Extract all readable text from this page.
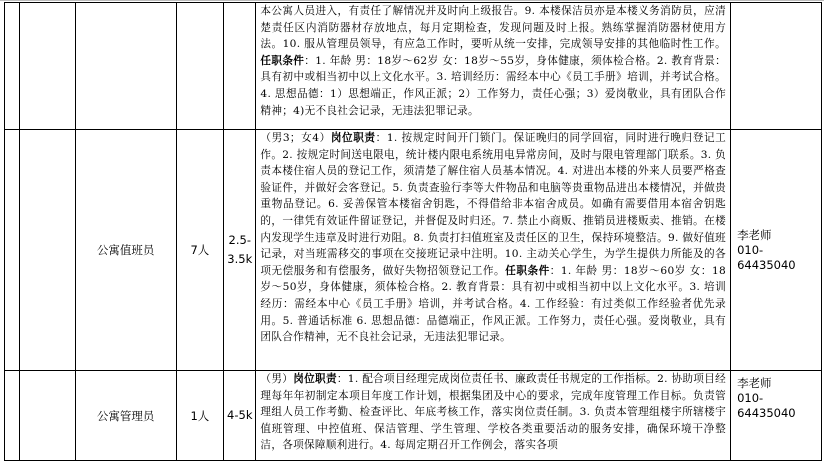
					本公寓人员进入，有责任了解情况并及时向上级报告。9. 本楼保洁员亦是本楼义务消防员，应清楚责任区内消防器材存放地点，每月定期检查，发现问题及时上报。熟练掌握消防器材使用方法。10. 服从管理员领导，有应急工作时，要听从统一安排，完成领导安排的其他临时性工作。任职条件：1. 年龄 男：18岁～62岁 女：18岁～55岁，身体健康，须体检合格。2. 教育背景：具有初中或相当初中以上文化水平。3. 培训经历：需经本中心《员工手册》培训，并考试合格。4. 思想品德：1）思想端正，作风正派；2）工作努力，责任心强；3）爱岗敬业，具有团队合作精神；4)无不良社会记录，无违法犯罪记录。	

		公寓值班员	7人	2.5-3.5k	（男3；女4）岗位职责：1. 按规定时间开门锁门。保证晚归的同学回宿，同时进行晚归登记工作。2. 按规定时间送电限电，统计楼内限电系统用电异常房间，及时与限电管理部门联系。3. 负责本楼住宿人员的登记工作，须清楚了解住宿人员基本情况。4. 对进出本楼的外来人员要严格查验证件，并做好会客登记。5. 负责查验行李等大件物品和电脑等贵重物品进出本楼情况，并做贵重物品登记。6. 妥善保管本楼宿舍钥匙，不得借给非本宿舍成员。如确有需要借用本宿舍钥匙的，一律凭有效证件留证登记，并督促及时归还。7. 禁止小商贩、推销员进楼贩卖、推销。在楼内发现学生违章及时进行劝阻。8. 负责打扫值班室及责任区的卫生，保持环境整洁。9. 做好值班记录，对当班需移交的事项在交接班记录中注明。10. 主动关心学生，为学生提供力所能及的各项无偿服务和有偿服务，做好失物招领登记工作。任职条件：1. 年龄 男：18岁～60岁 女：18岁～50岁，身体健康，须体检合格。2. 教育背景：具有初中或相当初中以上文化水平。3. 培训经历：需经本中心《员工手册》培训，并考试合格。4. 工作经验：有过类似工作经验者优先录用。5. 普通话标准 6. 思想品德：品德端正，作风正派。工作努力，责任心强。爱岗敬业，具有团队合作精神，无不良社会记录，无违法犯罪记录。	李老师
010-64435040

		公寓管理员	1人	4-5k	（男）岗位职责：1. 配合项目经理完成岗位责任书、廉政责任书规定的工作指标。2. 协助项目经理每年年初制定本项目年度工作计划，根据集团及中心的要求，完成年度管理工作目标。负责管理组人员工作考勤、检查评比、年底考核工作，落实岗位责任制。3. 负责本管理组楼宇所辖楼宇值班管理、中控值班、保洁管理、学生管理、学校各类重要活动的服务安排，确保环境干净整洁，各项保障顺利进行。4. 每周定期召开工作例会，落实各项	李老师
010-64435040
